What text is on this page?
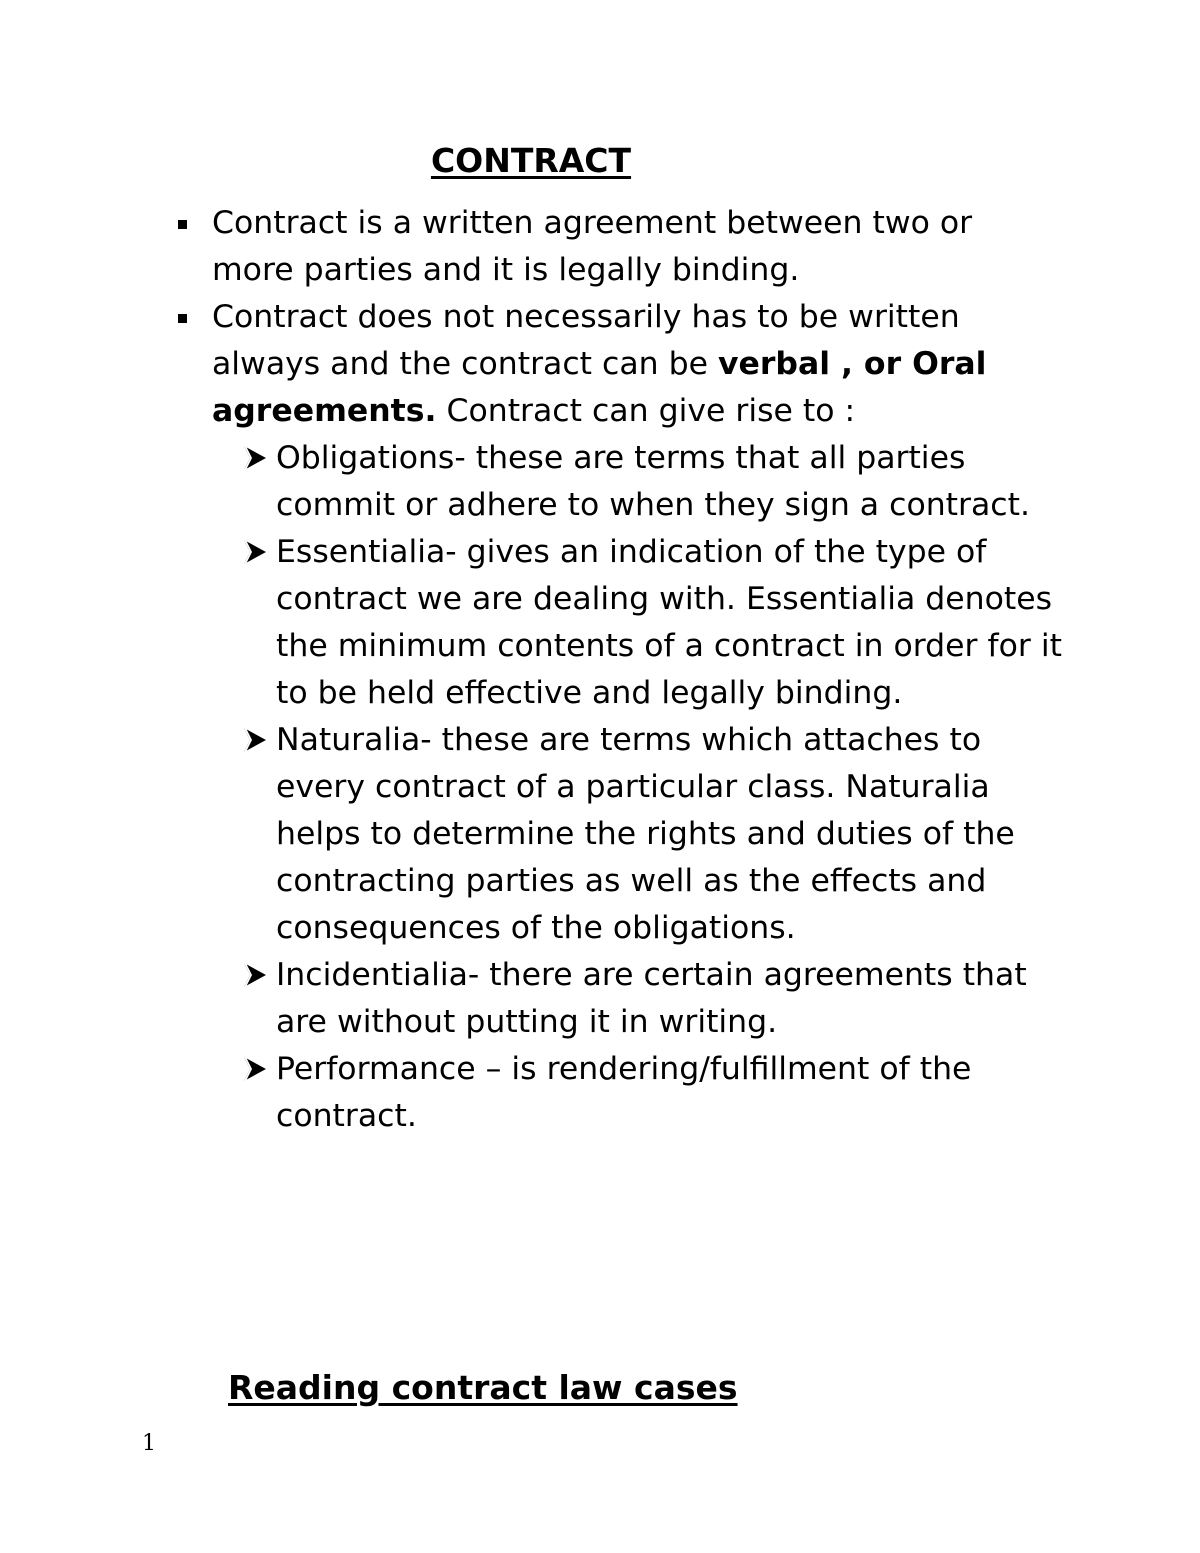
CONTRACT
Contract is a written agreement between two or more parties and it is legally binding.
Contract does not necessarily has to be written always and the contract can be verbal , or Oral agreements. Contract can give rise to :
Obligations- these are terms that all parties commit or adhere to when they sign a contract.
Essentialia- gives an indication of the type of contract we are dealing with. Essentialia denotes the minimum contents of a contract in order for it to be held effective and legally binding.
Naturalia- these are terms which attaches to every contract of a particular class. Naturalia helps to determine the rights and duties of the contracting parties as well as the effects and consequences of the obligations.
Incidentialia- there are certain agreements that are without putting it in writing.
Performance – is rendering/fulfillment of the contract.
Reading contract law cases
1
